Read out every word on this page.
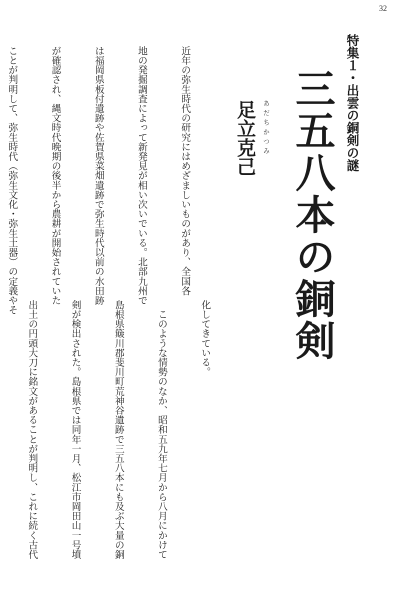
32
特集１・出雲の銅剣の謎
三五八本の銅剣
あだちかつみ
足立克己

近年の弥生時代の研究にはめざましいものがあり、全国各

地の発掘調査によって新発見が相い次いでいる。北部九州で

は福岡県板付遺跡や佐賀県菜畑遺跡で弥生時代以前の水田跡

が確認され、縄文時代晩期の後半から農耕が開始されていた

ことが判明して、弥生時代（弥生文化・弥生土器）の定義やそ

化してきている。

　このような情勢のなか、昭和五九年七月から八月にかけて

島根県簸川郡斐川町荒神谷遺跡で三五八本にも及ぶ大量の銅

剣が検出された。島根県では同年一月、松江市岡田山一号墳

出土の円頭大刀に銘文があることが判明し、これに続く古代
